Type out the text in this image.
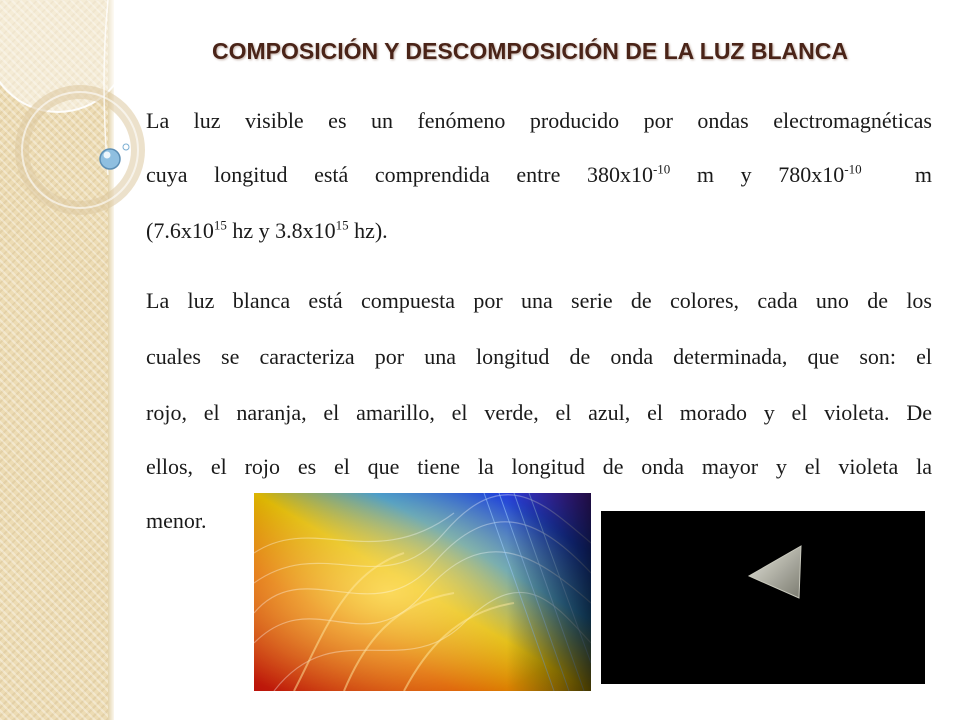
COMPOSICIÓN Y DESCOMPOSICIÓN DE LA LUZ BLANCA

La luz visible es un fenómeno producido por ondas electromagnéticas

cuya longitud está comprendida entre $380x10^{-10}$ m y $780x10^{-10}$  m

($7.6x10^{15}$ hz y $3.8x10^{15}$ hz).

La luz blanca está compuesta por una serie de colores, cada uno de los

cuales se caracteriza por una longitud de onda determinada, que son: el

rojo, el naranja, el amarillo, el verde, el azul, el morado y el violeta. De

ellos, el rojo es el que tiene la longitud de onda mayor y el violeta la

menor.
